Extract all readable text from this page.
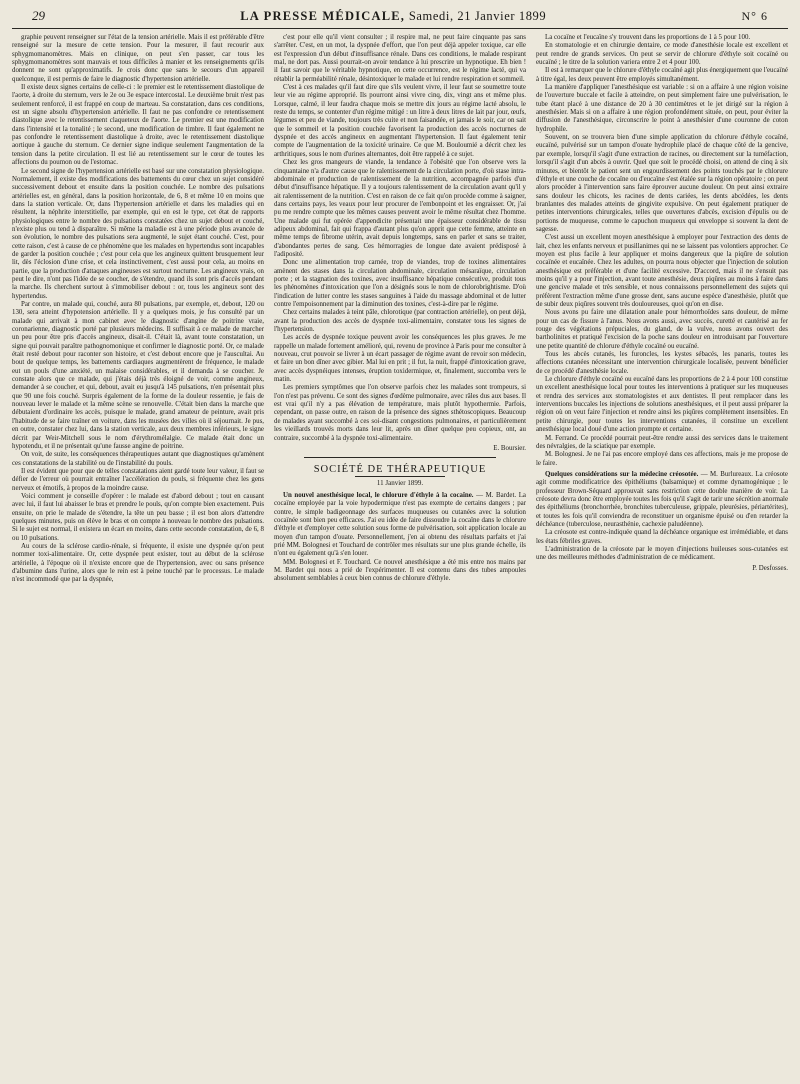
29	LA PRESSE MÉDICALE, Samedi, 21 Janvier 1899	N° 6

graphie peuvent renseigner sur l'état de la tension artérielle. Mais il est préférable d'être renseigné sur la mesure de cette tension. Pour la mesurer, il faut recourir aux sphygmomanomètres. Mais en clinique, on peut s'en passer, car tous les sphygmomanomètres sont mauvais et tous difficiles à manier et les renseignements qu'ils donnent ne sont qu'approximatifs. Je crois donc que sans le secours d'un appareil quelconque, il est permis de faire le diagnostic d'hypertension artérielle.

Il existe deux signes certains de celle-ci : le premier est le retentissement diastolique de l'aorte, à droite du sternum, vers le 2e ou 3e espace intercostal. Le deuxième bruit n'est pas seulement renforcé, il est frappé en coup de marteau. Sa constatation, dans ces conditions, est un signe absolu d'hypertension artérielle. Il faut ne pas confondre ce retentissement diastolique avec le retentissement claqueteux de l'aorte. Le premier est une modification dans l'intensité et la tonalité ; le second, une modification de timbre. Il faut également ne pas confondre le retentissement diastolique à droite, avec le retentissement diastolique aortique à gauche du sternum. Ce dernier signe indique seulement l'augmentation de la tension dans la petite circulation. Il est lié au retentissement sur le cœur de toutes les affections du poumon ou de l'estomac.

Le second signe de l'hypertension artérielle est basé sur une constatation physiologique. Normalement, il existe des modifications des battements du cœur chez un sujet considéré successivement debout et ensuite dans la position couchée. Le nombre des pulsations artérielles est, en général, dans la position horizontale, de 6, 8 et même 10 en moins que dans la station verticale. Or, dans l'hypertension artérielle et dans les maladies qui en résultent, la néphrite interstitielle, par exemple, qui en est le type, cet état de rapports physiologiques entre le nombre des pulsations constatées chez un sujet debout et couché, n'existe plus ou tend à disparaître. Si même la maladie est à une période plus avancée de son évolution, le nombre des pulsations sera augmenté, le sujet étant couché. C'est, pour cette raison, c'est à cause de ce phénomène que les malades en hypertendus sont incapables de garder la position couchée ; c'est pour cela que les angineux quittent brusquement leur lit, dès l'éclosion d'une crise, et cela instinctivement, c'est aussi pour cela, au moins en partie, que la production d'attaques angineuses est surtout nocturne. Les angineux vrais, on peut le dire, n'ont pas l'idée de se coucher, de s'étendre, quand ils sont pris d'accès pendant la marche. Ils cherchent surtout à s'immobiliser debout : or, tous les angineux sont des hypertendus.

Par contre, un malade qui, couché, aura 80 pulsations, par exemple, et, debout, 120 ou 130, sera atteint d'hypotension artérielle. Il y a quelques mois, je fus consulté par un malade qui arrivait à mon cabinet avec le diagnostic d'angine de poitrine vraie, coronarienne, diagnostic porté par plusieurs médecins. Il suffisait à ce malade de marcher un peu pour être pris d'accès angineux, disait-il. C'était là, avant toute constatation, un signe qui pouvait paraître pathognomonique et confirmer le diagnostic porté. Or, ce malade était resté debout pour raconter son histoire, et c'est debout encore que je l'auscultai. Au bout de quelque temps, les battements cardiaques augmentèrent de fréquence, le malade eut un pouls d'une anxiété, un malaise considérables, et il demanda à se coucher. Je constate alors que ce malade, qui j'étais déjà très éloigné de voir, comme angineux, demander à se coucher, et qui, debout, avait eu jusqu'à 145 pulsations, n'en présentait plus que 90 une fois couché. Surpris également de la forme de la douleur ressentie, je fais de nouveau lever le malade et la même scène se renouvelle. C'était bien dans la marche que débutaient d'ordinaire les accès, puisque le malade, grand amateur de peinture, avait pris l'habitude de se faire traîner en voiture, dans les musées des villes où il séjournait. Je pus, en outre, constater chez lui, dans la station verticale, aux deux membres inférieurs, le signe décrit par Weir-Mitchell sous le nom d'érythromélalgie. Ce malade était donc un hypotendu, et il ne présentait qu'une fausse angine de poitrine.

On voit, de suite, les conséquences thérapeutiques autant que diagnostiques qu'amènent ces constatations de la stabilité ou de l'instabilité du pouls.

Il est évident que pour que de telles constatations aient gardé toute leur valeur, il faut se défier de l'erreur où pourrait entraîner l'accélération du pouls, si fréquente chez les gens nerveux et émotifs, à propos de la moindre cause.

Voici comment je conseille d'opérer : le malade est d'abord debout ; tout en causant avec lui, il faut lui abaisser le bras et prendre le pouls, qu'on compte bien exactement. Puis ensuite, on prie le malade de s'étendre, la tête un peu basse ; il est bon alors d'attendre quelques minutes, puis on élève le bras et on compte à nouveau le nombre des pulsations. Si le sujet est normal, il existera un écart en moins, dans cette seconde constatation, de 6, 8 ou 10 pulsations.

Au cours de la sclérose cardio-rénale, si fréquente, il existe une dyspnée qu'on peut nommer toxi-alimentaire. Or, cette dyspnée peut exister, tout au début de la sclérose artérielle, à l'époque où il n'existe encore que de l'hypertension, avec ou sans présence d'albumine dans l'urine, alors que le rein est à peine touché par le processus. Le malade n'est incommodé que par la dyspnée,

c'est pour elle qu'il vient consulter ; il respire mal, ne peut faire cinquante pas sans s'arrêter. C'est, en un mot, la dyspnée d'effort, que l'on peut déjà appeler toxique, car elle est l'expression d'un début d'insuffisance rénale. Dans ces conditions, le malade respirant mal, ne dort pas. Aussi pourrait-on avoir tendance à lui prescrire un hypnotique. Eh bien ! il faut savoir que le véritable hypnotique, en cette occurrence, est le régime lacté, qui va rétablir la perméabilité rénale, désintoxiquer le malade et lui rendre respiration et sommeil.

C'est à ces malades qu'il faut dire que s'ils veulent vivre, il leur faut se soumettre toute leur vie au régime approprié. Ils pourront ainsi vivre cinq, dix, vingt ans et même plus. Lorsque, calmé, il leur faudra chaque mois se mettre dix jours au régime lacté absolu, le reste du temps, se contenter d'un régime mitigé : un litre à deux litres de lait par jour, œufs, légumes et peu de viande, toujours très cuite et non faisandée, et jamais le soir, car on sait que le sommeil et la position couchée favorisent la production des accès nocturnes de dyspnée et des accès angineux en augmentant l'hypertension. Il faut également tenir compte de l'augmentation de la toxicité urinaire. Ce que M. Bouloumié a décrit chez les arthritiques, sous le nom d'urines alternantes, doit être rappelé à ce sujet.

Chez les gros mangeurs de viande, la tendance à l'obésité que l'on observe vers la cinquantaine n'a d'autre cause que le ralentissement de la circulation porte, d'où stase intra-abdominale et production de ralentissement de la nutrition, accompagnée parfois d'un début d'insuffisance hépatique. Il y a toujours ralentissement de la circulation avant qu'il y ait ralentissement de la nutrition. C'est en raison de ce fait qu'on procède comme à saigner, dans certains pays, les veaux pour leur procurer de l'embonpoint et les engraisser. Or, j'ai pu me rendre compte que les mêmes causes peuvent avoir le même résultat chez l'homme. Une malade qui fut opérée d'appendicite présentait une épaisseur considérable de tissu adipeux abdominal, fait qui frappa d'autant plus qu'on apprit que cette femme, atteinte en même temps de fibrome utérin, avait depuis longtemps, sans en parler et sans se traiter, d'abondantes pertes de sang. Ces hémorragies de longue date avaient prédisposé à l'adiposité.

Donc une alimentation trop carnée, trop de viandes, trop de toxines alimentaires amènent des stases dans la circulation abdominale, circulation mésaraïque, circulation porte ; et la stagnation des toxines, avec insuffisance hépatique consécutive, produit tous les phénomènes d'intoxication que l'on a désignés sous le nom de chlorobrightisme. D'où l'indication de lutter contre les stases sanguines à l'aide du massage abdominal et de lutter contre l'empoisonnement par la diminution des toxines, c'est-à-dire par le régime.

Chez certains malades à teint pâle, chlorotique (par contraction artérielle), on peut déjà, avant la production des accès de dyspnée toxi-alimentaire, constater tous les signes de l'hypertension.

Les accès de dyspnée toxique peuvent avoir les conséquences les plus graves. Je me rappelle un malade fortement amélioré, qui, revenu de province à Paris pour me consulter à nouveau, crut pouvoir se livrer à un écart passager de régime avant de revoir son médecin, et faire un bon dîner avec gibier. Mal lui en prit ; il fut, la nuit, frappé d'intoxication grave, avec accès dyspnéiques intenses, éruption toxidermique, et, finalement, succomba vers le matin.

Les premiers symptômes que l'on observe parfois chez les malades sont trompeurs, si l'on n'est pas prévenu. Ce sont des signes d'œdème pulmonaire, avec râles dus aux bases. Il est vrai qu'il n'y a pas élévation de température, mais plutôt hypothermie. Parfois, cependant, on passe outre, en raison de la présence des signes sthétoscopiques. Beaucoup de malades ayant succombé à ces soi-disant congestions pulmonaires, et particulièrement les vieillards trouvés morts dans leur lit, après un dîner quelque peu copieux, ont, au contraire, succombé à la dyspnée toxi-alimentaire.

E. Boursier.
SOCIÉTÉ DE THÉRAPEUTIQUE
11 Janvier 1899.

Un nouvel anesthésique local, le chlorure d'éthyle à la cocaïne. — M. Bardet. La cocaïne employée par la voie hypodermique n'est pas exempte de certains dangers ; par contre, le simple badigeonnage des surfaces muqueuses ou cutanées avec la solution cocaïnée sont bien peu efficaces. J'ai eu idée de faire dissoudre la cocaïne dans le chlorure d'éthyle et d'employer cette solution sous forme de pulvérisation, soit application locale au moyen d'un tampon d'ouate. Personnellement, j'en ai obtenu des résultats parfaits et j'ai prié MM. Bolognesi et Touchard de contrôler mes résultats sur une plus grande échelle, ils n'ont eu également qu'à s'en louer.

MM. Bolognesi et F. Touchard. Ce nouvel anesthésique a été mis entre nos mains par M. Bardet qui nous a prié de l'expérimenter. Il est contenu dans des tubes ampoules absolument semblables à ceux bien connus de chlorure d'éthyle.

La cocaïne et l'eucaïne s'y trouvent dans les proportions de 1 à 5 pour 100.

En stomatologie et en chirurgie dentaire, ce mode d'anesthésie locale est excellent et peut rendre de grands services. On peut se servir de chlorure d'éthyle soit cocaïné ou eucaïné ; le titre de la solution variera entre 2 et 4 pour 100.

Il est à remarquer que le chlorure d'éthyle cocaïné agit plus énergiquement que l'eucaïné à titre égal, les deux peuvent être employés simultanément.

La manière d'appliquer l'anesthésique est variable : si on a affaire à une région voisine de l'ouverture buccale et facile à atteindre, on peut simplement faire une pulvérisation, le tube étant placé à une distance de 20 à 30 centimètres et le jet dirigé sur la région à anesthésier. Mais si on a affaire à une région profondément située, on peut, pour éviter la diffusion de l'anesthésique, circonscrire le point à anesthésier d'une couronne de coton hydrophile.

Souvent, on se trouvera bien d'une simple application du chlorure d'éthyle cocaïné, eucaïné, pulvérisé sur un tampon d'ouate hydrophile placé de chaque côté de la gencive, par exemple, lorsqu'il s'agit d'une extraction de racines, ou directement sur la tuméfaction, lorsqu'il s'agit d'un abcès à ouvrir. Quel que soit le procédé choisi, on attend de cinq à six minutes, et bientôt le patient sent un engourdissement des points touchés par le chlorure d'éthyle et une couche de cocaïne ou d'eucaïne s'est étalée sur la région opératoire ; on peut alors procéder à l'intervention sans faire éprouver aucune douleur. On peut ainsi extraire sans douleur les chicots, les racines de dents cariées, les dents abcédées, les dents branlantes des malades atteints de gingivite expulsive. On peut également pratiquer de petites interventions chirurgicales, telles que ouvertures d'abcès, excision d'épulis ou de portions de muqueuse, comme le capuchon muqueux qui enveloppe si souvent la dent de sagesse.

C'est aussi un excellent moyen anesthésique à employer pour l'extraction des dents de lait, chez les enfants nerveux et pusillanimes qui ne se laissent pas volontiers approcher. Ce moyen est plus facile à leur appliquer et moins dangereux que la piqûre de solution cocaïnée et eucaïnée. Chez les adultes, on pourra nous objecter que l'injection de solution anesthésique est préférable et d'une facilité excessive. D'accord, mais il ne s'ensuit pas moins qu'il y a pour l'injection, avant toute anesthésie, deux piqûres au moins à faire dans une gencive malade et très sensible, et nous connaissons personnellement des sujets qui préfèrent l'extraction même d'une grosse dent, sans aucune espèce d'anesthésie, plutôt que de subir deux piqûres souvent très douloureuses, quoi qu'on en dise.

Nous avons pu faire une dilatation anale pour hémorrhoïdes sans douleur, de même pour un cas de fissure à l'anus. Nous avons aussi, avec succès, curetté et cautérisé au fer rouge des végétations prépuciales, du gland, de la vulve, nous avons ouvert des bartholinites et pratiqué l'excision de la poche sans douleur en introduisant par l'ouverture une petite quantité de chlorure d'éthyle cocaïné ou eucaïné.

Tous les abcès cutanés, les furoncles, les kystes sébacés, les panaris, toutes les affections cutanées nécessitant une intervention chirurgicale localisée, peuvent bénéficier de ce procédé d'anesthésie locale.

Le chlorure d'éthyle cocaïné ou eucaïné dans les proportions de 2 à 4 pour 100 constitue un excellent anesthésique local pour toutes les interventions à pratiquer sur les muqueuses et rendra des services aux stomatologistes et aux dentistes. Il peut remplacer dans les interventions buccales les injections de solutions anesthésiques, et il peut aussi préparer la région où on veut faire l'injection et rendre ainsi les piqûres complètement insensibles. En petite chirurgie, pour toutes les interventions cutanées, il constitue un excellent anesthésique local doué d'une action prompte et certaine.

M. Ferrand. Ce procédé pourrait peut-être rendre aussi des services dans le traitement des névralgies, de la sciatique par exemple.

M. Bolognesi. Je ne l'ai pas encore employé dans ces affections, mais je me propose de le faire.

Quelques considérations sur la médecine créosotée. — M. Burlureaux. La créosote agit comme modificatrice des épithéliums (balsamique) et comme dynamogénique ; le professeur Brown-Séquard approuvait sans restriction cette double manière de voir. La créosote devra donc être employée toutes les fois qu'il s'agit de tarir une sécrétion anormale des épithéliums (bronchorrhée, bronchites tuberculeuse, grippale, pleurésies, périartérites), et toutes les fois qu'il conviendra de reconstituer un organisme épuisé ou d'en retarder la déchéance (tuberculose, neurasthénie, cachexie paludéenne).

La créosote est contre-indiquée quand la déchéance organique est irrémédiable, et dans les états fébriles graves.

L'administration de la créosote par le moyen d'injections huileuses sous-cutanées est une des meilleures méthodes d'administration de ce médicament.

P. Desfosses.
